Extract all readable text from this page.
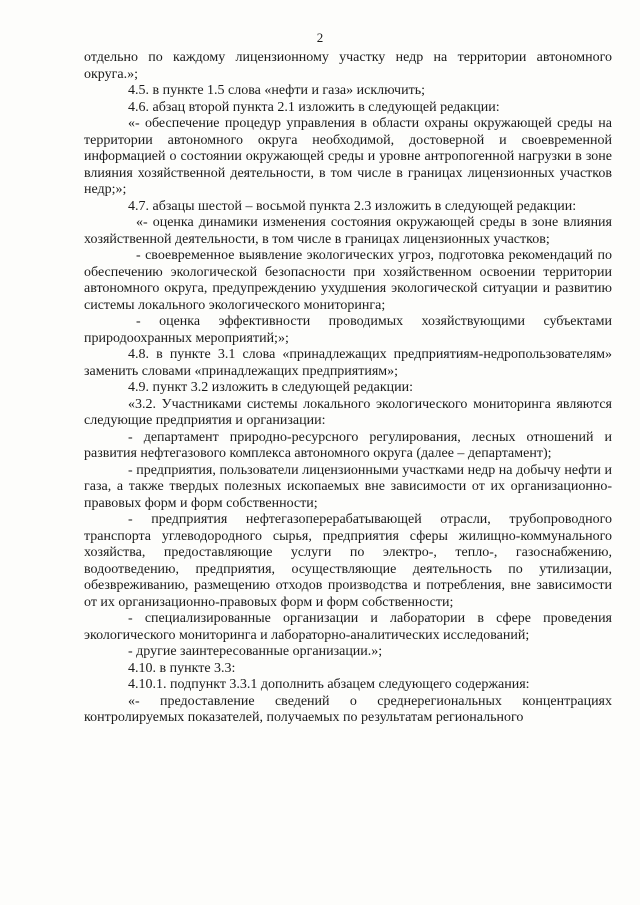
2

отдельно по каждому лицензионному участку недр на территории автономного округа.»;

4.5. в пункте 1.5 слова «нефти и газа» исключить;

4.6. абзац второй пункта 2.1 изложить в следующей редакции:

«- обеспечение процедур управления в области охраны окружающей среды на территории автономного округа необходимой, достоверной и своевременной информацией о состоянии окружающей среды и уровне антропогенной нагрузки в зоне влияния хозяйственной деятельности, в том числе в границах лицензионных участков недр;»;

4.7. абзацы шестой – восьмой пункта 2.3 изложить в следующей редакции:

«- оценка динамики изменения состояния окружающей среды в зоне влияния хозяйственной деятельности, в том числе в границах лицензионных участков;

- своевременное выявление экологических угроз, подготовка рекомендаций по обеспечению экологической безопасности при хозяйственном освоении территории автономного округа, предупреждению ухудшения экологической ситуации и развитию системы локального экологического мониторинга;

- оценка эффективности проводимых хозяйствующими субъектами природоохранных мероприятий;»;

4.8. в пункте 3.1 слова «принадлежащих предприятиям-недропользователям» заменить словами «принадлежащих предприятиям»;

4.9. пункт 3.2 изложить в следующей редакции:

«3.2. Участниками системы локального экологического мониторинга являются следующие предприятия и организации:

- департамент природно-ресурсного регулирования, лесных отношений и развития нефтегазового комплекса автономного округа (далее – департамент);

- предприятия, пользователи лицензионными участками недр на добычу нефти и газа, а также твердых полезных ископаемых вне зависимости от их организационно-правовых форм и форм собственности;

- предприятия нефтегазоперерабатывающей отрасли, трубопроводного транспорта углеводородного сырья, предприятия сферы жилищно-коммунального хозяйства, предоставляющие услуги по электро-, тепло-, газоснабжению, водоотведению, предприятия, осуществляющие деятельность по утилизации, обезвреживанию, размещению отходов производства и потребления, вне зависимости от их организационно-правовых форм и форм собственности;

- специализированные организации и лаборатории в сфере проведения экологического мониторинга и лабораторно-аналитических исследований;

- другие заинтересованные организации.»;

4.10. в пункте 3.3:

4.10.1. подпункт 3.3.1 дополнить абзацем следующего содержания:

«- предоставление сведений о среднерегиональных концентрациях контролируемых показателей, получаемых по результатам регионального
